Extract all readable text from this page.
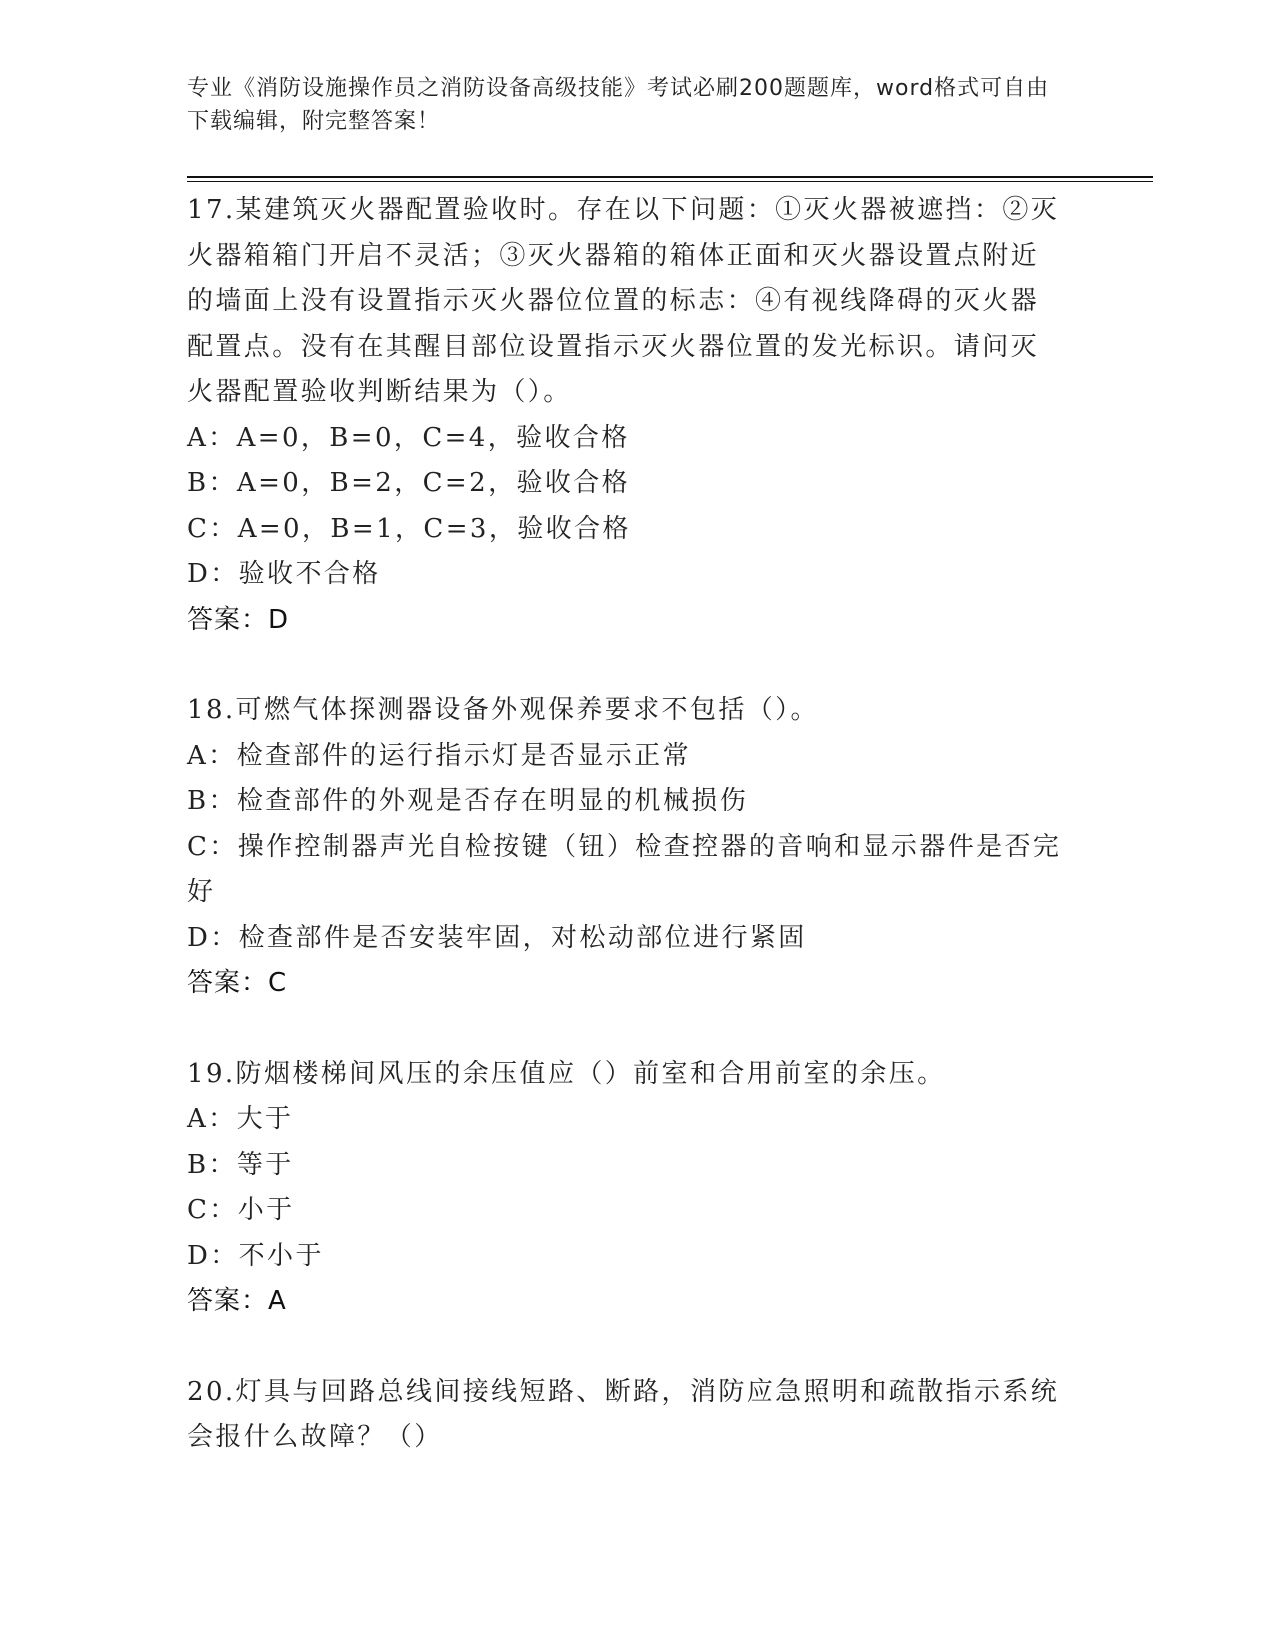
专业《消防设施操作员之消防设备高级技能》考试必刷200题题库，word格式可自由下载编辑，附完整答案！
17.某建筑灭火器配置验收时。存在以下问题：①灭火器被遮挡：②灭火器箱箱门开启不灵活；③灭火器箱的箱体正面和灭火器设置点附近的墙面上没有设置指示灭火器位位置的标志：④有视线降碍的灭火器配置点。没有在其醒目部位设置指示灭火器位置的发光标识。请问灭火器配置验收判断结果为（）。
A：A=0，B=0，C=4，验收合格
B：A=0，B=2，C=2，验收合格
C：A=0，B=1，C=3，验收合格
D：验收不合格
答案：D
18.可燃气体探测器设备外观保养要求不包括（）。
A：检查部件的运行指示灯是否显示正常
B：检查部件的外观是否存在明显的机械损伤
C：操作控制器声光自检按键（钮）检查控器的音响和显示器件是否完好
D：检查部件是否安装牢固，对松动部位进行紧固
答案：C
19.防烟楼梯间风压的余压值应（）前室和合用前室的余压。
A：大于
B：等于
C：小于
D：不小于
答案：A
20.灯具与回路总线间接线短路、断路，消防应急照明和疏散指示系统会报什么故障？（）
